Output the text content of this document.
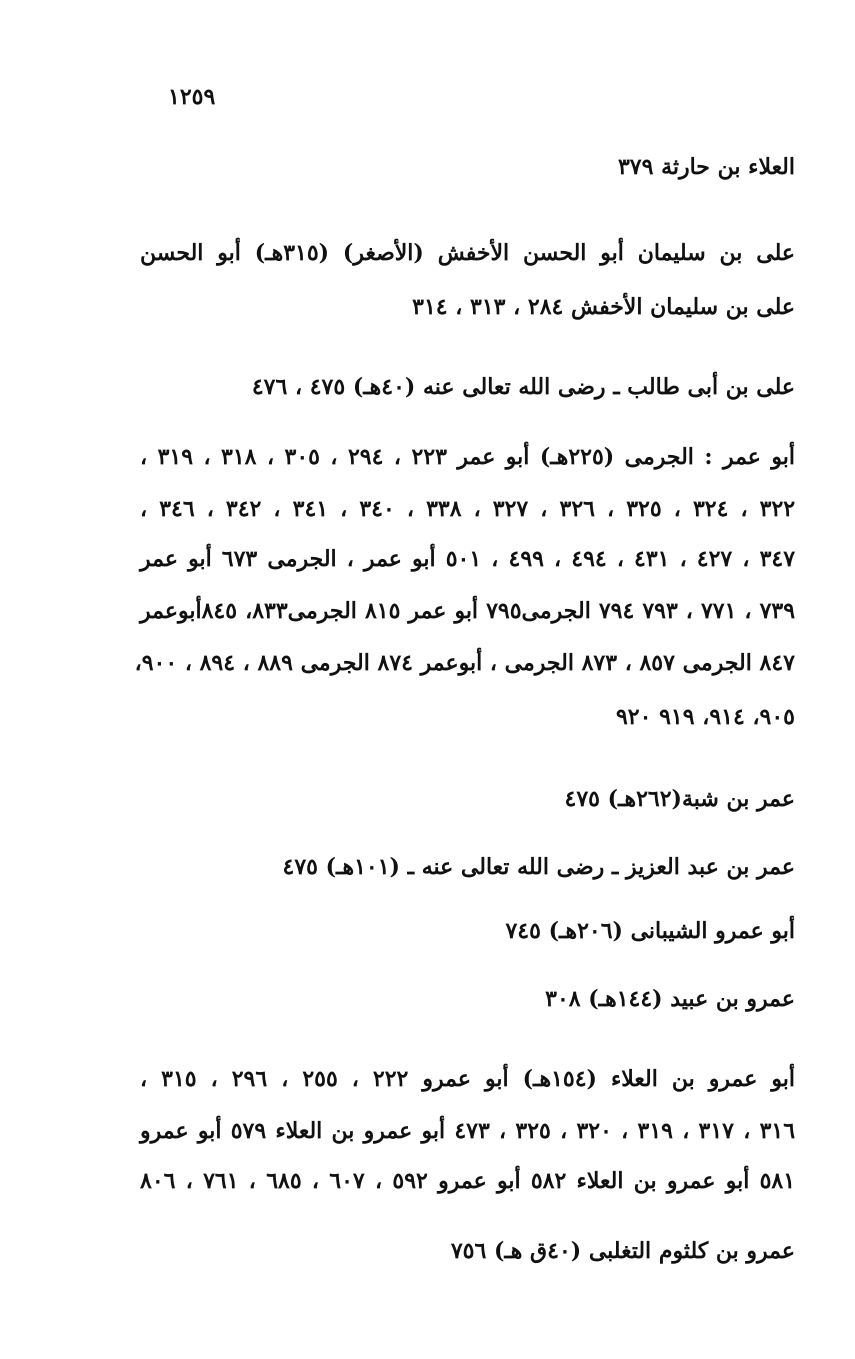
١٢٥٩
العلاء بن حارثة ٣٧٩
على بن سليمان أبو الحسن الأخفش (الأصغر) (٣١٥هـ) أبو الحسن
على بن سليمان الأخفش ٢٨٤ ، ٣١٣ ، ٣١٤
على بن أبى طالب ـ رضى الله تعالى عنه (٤٠هـ) ٤٧٥ ، ٤٧٦
أبو عمر : الجرمى (٢٢٥هـ) أبو عمر ٢٢٣ ، ٢٩٤ ، ٣٠٥ ، ٣١٨ ، ٣١٩ ،
٣٢٢ ، ٣٢٤ ، ٣٢٥ ، ٣٢٦ ، ٣٢٧ ، ٣٣٨ ، ٣٤٠ ، ٣٤١ ، ٣٤٢ ، ٣٤٦ ،
٣٤٧ ، ٤٢٧ ، ٤٣١ ، ٤٩٤ ، ٤٩٩ ، ٥٠١ أبو عمر ، الجرمى ٦٧٣ أبو عمر
٧٣٩ ، ٧٧١ ، ٧٩٣ ٧٩٤ الجرمى٧٩٥ أبو عمر ٨١٥ الجرمى٨٣٣، ٨٤٥أبوعمر
٨٤٧ الجرمى ٨٥٧ ، ٨٧٣ الجرمى ، أبوعمر ٨٧٤ الجرمى ٨٨٩ ، ٨٩٤ ، ٩٠٠،
٩٠٥، ٩١٤، ٩١٩ ٩٢٠
عمر بن شبة(٢٦٢هـ) ٤٧٥
عمر بن عبد العزيز ـ رضى الله تعالى عنه ـ (١٠١هـ) ٤٧٥
أبو عمرو الشيبانى (٢٠٦هـ) ٧٤٥
عمرو بن عبيد (١٤٤هـ) ٣٠٨
أبو عمرو بن العلاء (١٥٤هـ) أبو عمرو ٢٢٢ ، ٢٥٥ ، ٢٩٦ ، ٣١٥ ،
٣١٦ ، ٣١٧ ، ٣١٩ ، ٣٢٠ ، ٣٢٥ ، ٤٧٣ أبو عمرو بن العلاء ٥٧٩ أبو عمرو
٥٨١ أبو عمرو بن العلاء ٥٨٢ أبو عمرو ٥٩٢ ، ٦٠٧ ، ٦٨٥ ، ٧٦١ ، ٨٠٦
عمرو بن كلثوم التغلبى (٤٠ق هـ) ٧٥٦
